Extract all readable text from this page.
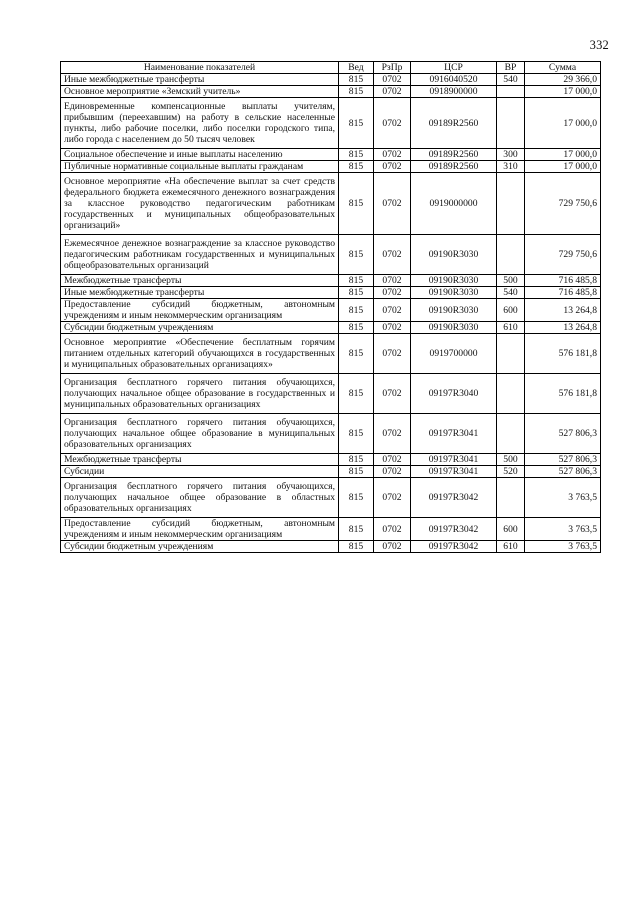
332
Наименование показателей	Вед	РзПр	ЦСР	ВР	Сумма
Иные межбюджетные трансферты	815	0702	0916040520	540	29 366,0
Основное мероприятие «Земский учитель»	815	0702	0918900000		17 000,0
Единовременные компенсационные выплаты учителям, прибывшим (переехавшим) на работу в сельские населенные пункты, либо рабочие поселки, либо поселки городского типа, либо города с населением до 50 тысяч человек	815	0702	09189R2560		17 000,0
Социальное обеспечение и иные выплаты населению	815	0702	09189R2560	300	17 000,0
Публичные нормативные социальные выплаты гражданам	815	0702	09189R2560	310	17 000,0
Основное мероприятие «На обеспечение выплат за счет средств федерального бюджета ежемесячного денежного вознаграждения за классное руководство педагогическим работникам государственных и муниципальных общеобразовательных организаций»	815	0702	0919000000		729 750,6
Ежемесячное денежное вознаграждение за классное руководство педагогическим работникам государственных и муниципальных общеобразовательных организаций	815	0702	09190R3030		729 750,6
Межбюджетные трансферты	815	0702	09190R3030	500	716 485,8
Иные межбюджетные трансферты	815	0702	09190R3030	540	716 485,8
Предоставление субсидий бюджетным, автономным учреждениям и иным некоммерческим организациям	815	0702	09190R3030	600	13 264,8
Субсидии бюджетным учреждениям	815	0702	09190R3030	610	13 264,8
Основное мероприятие «Обеспечение бесплатным горячим питанием отдельных категорий обучающихся в государственных и муниципальных образовательных организациях»	815	0702	0919700000		576 181,8
Организация бесплатного горячего питания обучающихся, получающих начальное общее образование в государственных и муниципальных образовательных организациях	815	0702	09197R3040		576 181,8
Организация бесплатного горячего питания обучающихся, получающих начальное общее образование в муниципальных образовательных организациях	815	0702	09197R3041		527 806,3
Межбюджетные трансферты	815	0702	09197R3041	500	527 806,3
Субсидии	815	0702	09197R3041	520	527 806,3
Организация бесплатного горячего питания обучающихся, получающих начальное общее образование в областных образовательных организациях	815	0702	09197R3042		3 763,5
Предоставление субсидий бюджетным, автономным учреждениям и иным некоммерческим организациям	815	0702	09197R3042	600	3 763,5
Субсидии бюджетным учреждениям	815	0702	09197R3042	610	3 763,5
